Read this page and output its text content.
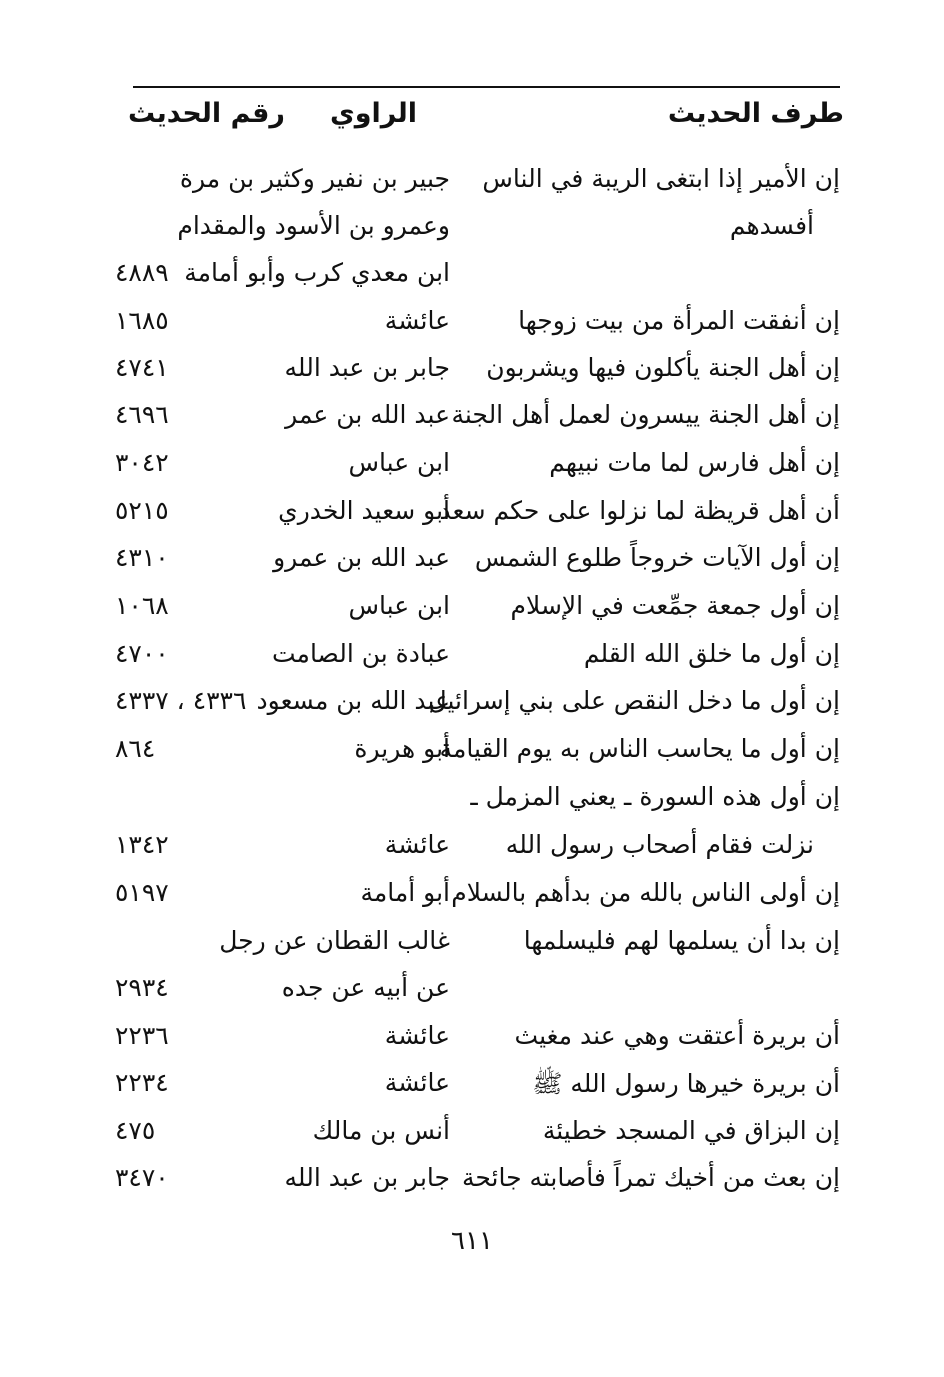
طرف الحديث
الراوي
رقم الحديث
إن الأمير إذا ابتغى الريبة في الناس
جبير بن نفير وكثير بن مرة
أفسدهم
وعمرو بن الأسود والمقدام
ابن معدي كرب وأبو أمامة
٤٨٨٩
إن أنفقت المرأة من بيت زوجها
عائشة
١٦٨٥
إن أهل الجنة يأكلون فيها ويشربون
جابر بن عبد الله
٤٧٤١
إن أهل الجنة ييسرون لعمل أهل الجنة
عبد الله بن عمر
٤٦٩٦
إن أهل فارس لما مات نبيهم
ابن عباس
٣٠٤٢
أن أهل قريظة لما نزلوا على حكم سعد
أبو سعيد الخدري
٥٢١٥
إن أول الآيات خروجاً طلوع الشمس
عبد الله بن عمرو
٤٣١٠
إن أول جمعة جمِّعت في الإسلام
ابن عباس
١٠٦٨
إن أول ما خلق الله القلم
عبادة بن الصامت
٤٧٠٠
إن أول ما دخل النقص على بني إسرائيل
عبد الله بن مسعود
٤٣٣٦ ، ٤٣٣٧
إن أول ما يحاسب الناس به يوم القيامة
أبو هريرة
٨٦٤
إن أول هذه السورة ـ يعني المزمل ـ
نزلت فقام أصحاب رسول الله
عائشة
١٣٤٢
إن أولى الناس بالله من بدأهم بالسلام
أبو أمامة
٥١٩٧
إن بدا أن يسلمها لهم فليسلمها
غالب القطان عن رجل
عن أبيه عن جده
٢٩٣٤
أن بريرة أعتقت وهي عند مغيث
عائشة
٢٢٣٦
أن بريرة خيرها رسول الله ﷺ
عائشة
٢٢٣٤
إن البزاق في المسجد خطيئة
أنس بن مالك
٤٧٥
إن بعث من أخيك تمراً فأصابته جائحة
جابر بن عبد الله
٣٤٧٠
٦١١
